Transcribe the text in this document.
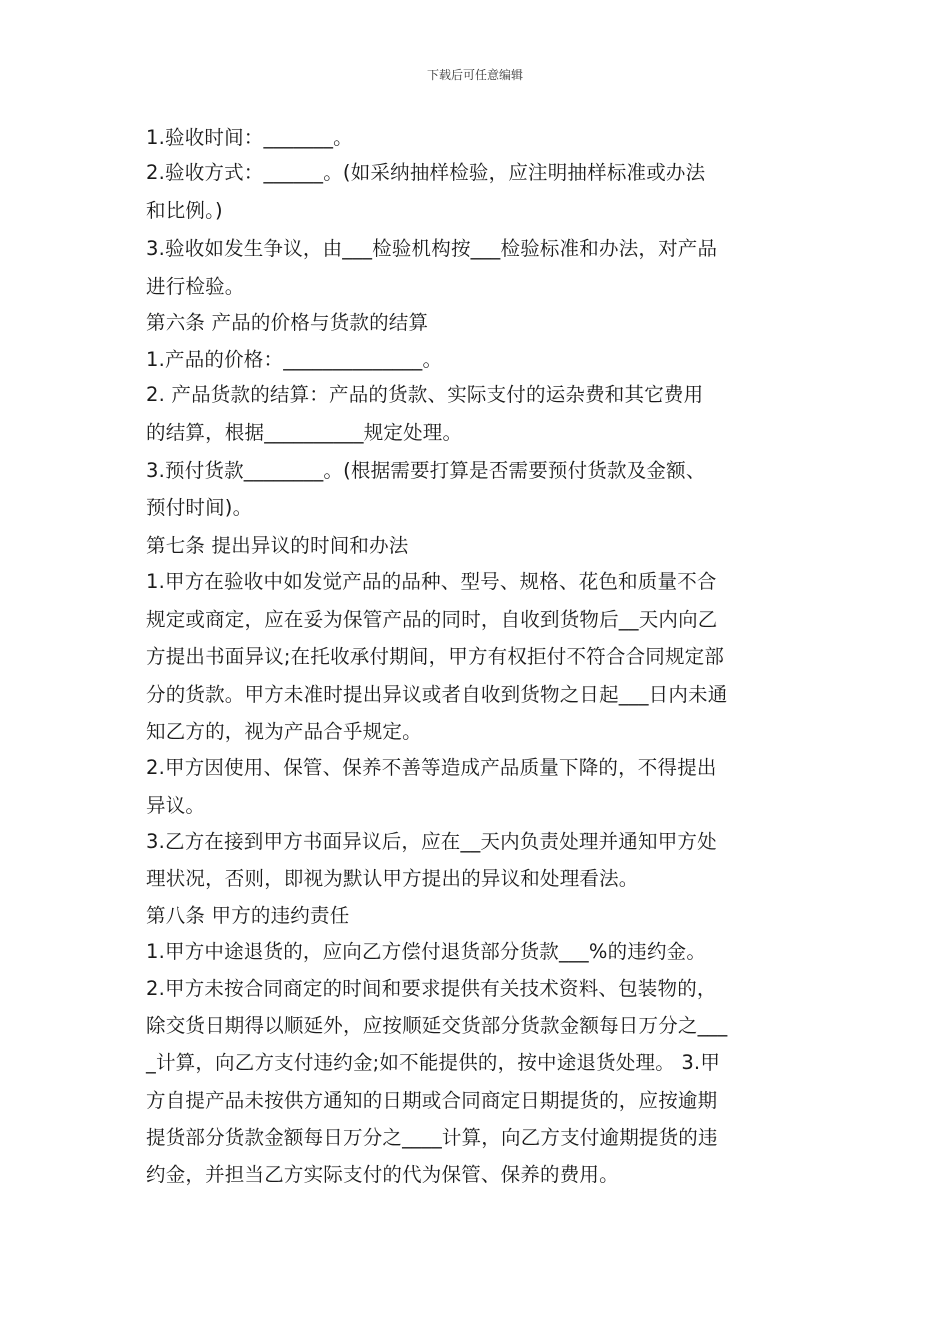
下载后可任意编辑
1.验收时间：_______。
2.验收方式：______。(如采纳抽样检验，应注明抽样标准或办法
和比例。)
3.验收如发生争议，由___检验机构按___检验标准和办法，对产品
进行检验。
第六条 产品的价格与货款的结算
1.产品的价格：______________。
2. 产品货款的结算：产品的货款、实际支付的运杂费和其它费用
的结算，根据__________规定处理。
3.预付货款________。(根据需要打算是否需要预付货款及金额、
预付时间)。
第七条 提出异议的时间和办法
1.甲方在验收中如发觉产品的品种、型号、规格、花色和质量不合
规定或商定，应在妥为保管产品的同时，自收到货物后__天内向乙
方提出书面异议;在托收承付期间，甲方有权拒付不符合合同规定部
分的货款。甲方未准时提出异议或者自收到货物之日起___日内未通
知乙方的，视为产品合乎规定。
2.甲方因使用、保管、保养不善等造成产品质量下降的，不得提出
异议。
3.乙方在接到甲方书面异议后，应在__天内负责处理并通知甲方处
理状况，否则，即视为默认甲方提出的异议和处理看法。
第八条 甲方的违约责任
1.甲方中途退货的，应向乙方偿付退货部分货款___%的违约金。
2.甲方未按合同商定的时间和要求提供有关技术资料、包装物的，
除交货日期得以顺延外，应按顺延交货部分货款金额每日万分之___
_计算，向乙方支付违约金;如不能提供的，按中途退货处理。 3.甲
方自提产品未按供方通知的日期或合同商定日期提货的，应按逾期
提货部分货款金额每日万分之____计算，向乙方支付逾期提货的违
约金，并担当乙方实际支付的代为保管、保养的费用。
